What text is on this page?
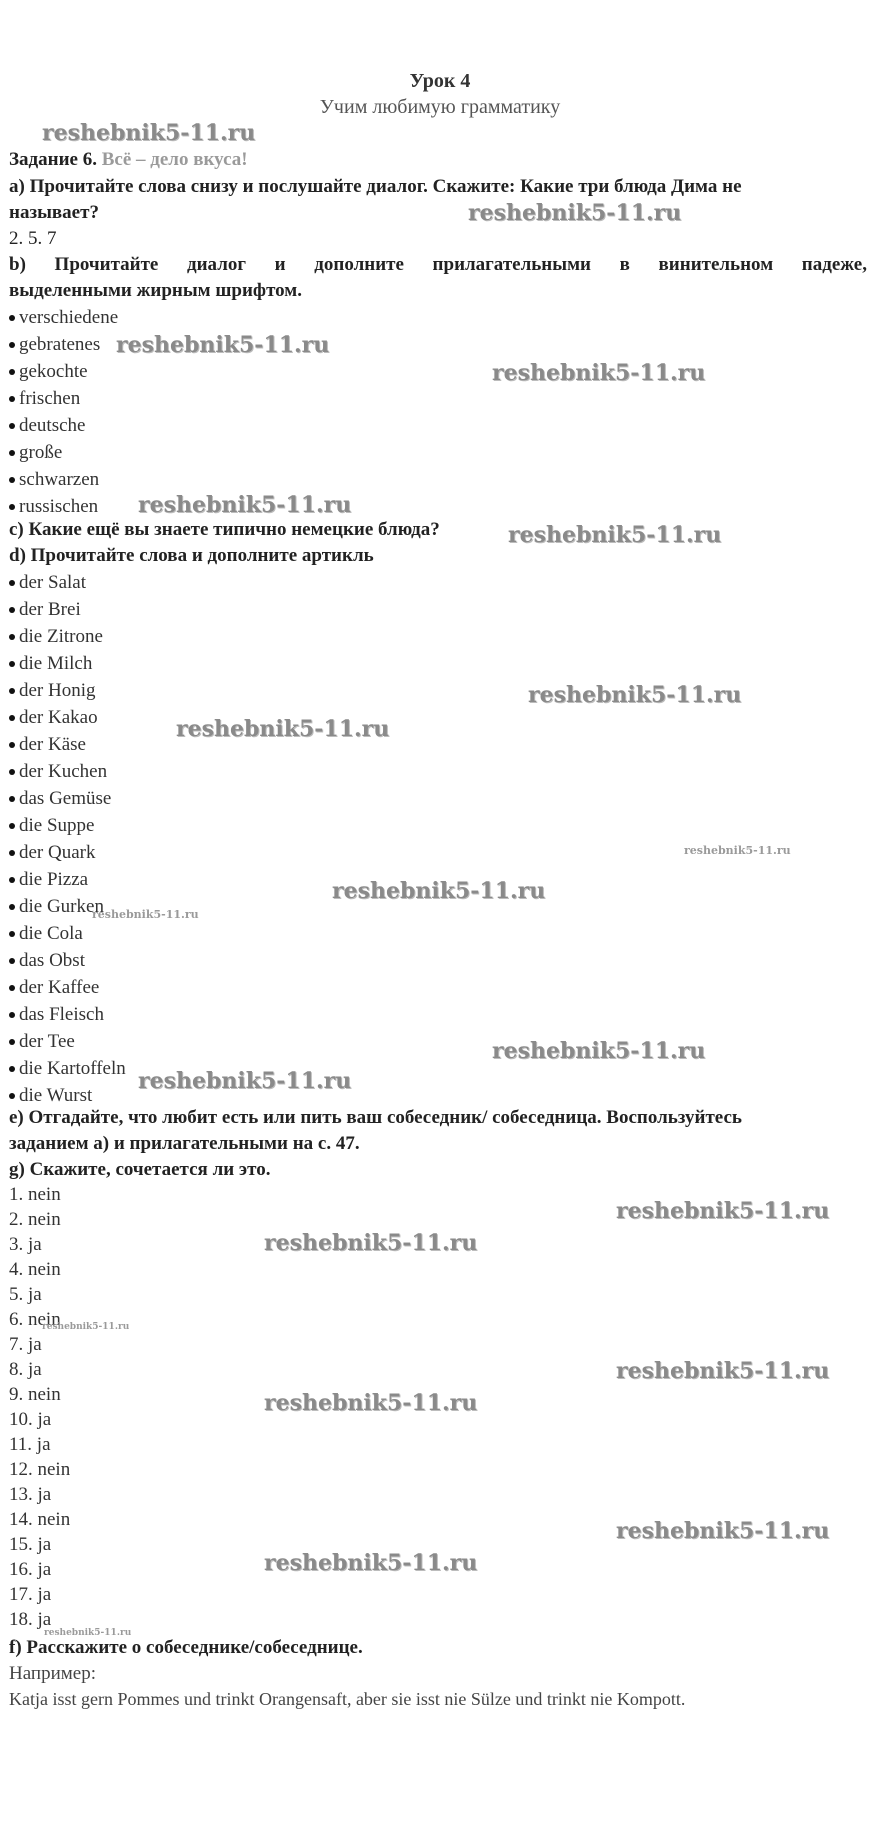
Урок 4
Учим любимую грамматику
Задание 6. Всё – дело вкуса!
a) Прочитайте слова снизу и послушайте диалог. Скажите: Какие три блюда Дима не
называет?
2. 5. 7
b) Прочитайте диалог и дополните прилагательными в винительном падеже,
выделенными жирным шрифтом.
verschiedene
gebratenes
gekochte
frischen
deutsche
große
schwarzen
russischen
c) Какие ещё вы знаете типично немецкие блюда?
d) Прочитайте слова и дополните артикль
der Salat
der Brei
die Zitrone
die Milch
der Honig
der Kakao
der Käse
der Kuchen
das Gemüse
die Suppe
der Quark
die Pizza
die Gurken
die Cola
das Obst
der Kaffee
das Fleisch
der Tee
die Kartoffeln
die Wurst
e) Отгадайте, что любит есть или пить ваш собеседник/ собеседница. Воспользуйтесь
заданием а) и прилагательными на с. 47.
g) Скажите, сочетается ли это.
1. nein
2. nein
3. ja
4. nein
5. ja
6. nein
7. ja
8. ja
9. nein
10. ja
11. ja
12. nein
13. ja
14. nein
15. ja
16. ja
17. ja
18. ja
f) Расскажите о собеседнике/собеседнице.
Например:
Katja isst gern Pommes und trinkt Orangensaft, aber sie isst nie Sülze und trinkt nie Kompott.
reshebnik5-11.ru
reshebnik5-11.ru
reshebnik5-11.ru
reshebnik5-11.ru
reshebnik5-11.ru
reshebnik5-11.ru
reshebnik5-11.ru
reshebnik5-11.ru
reshebnik5-11.ru
reshebnik5-11.ru
reshebnik5-11.ru
reshebnik5-11.ru
reshebnik5-11.ru
reshebnik5-11.ru
reshebnik5-11.ru
reshebnik5-11.ru
reshebnik5-11.ru
reshebnik5-11.ru
reshebnik5-11.ru
reshebnik5-11.ru
reshebnik5-11.ru
